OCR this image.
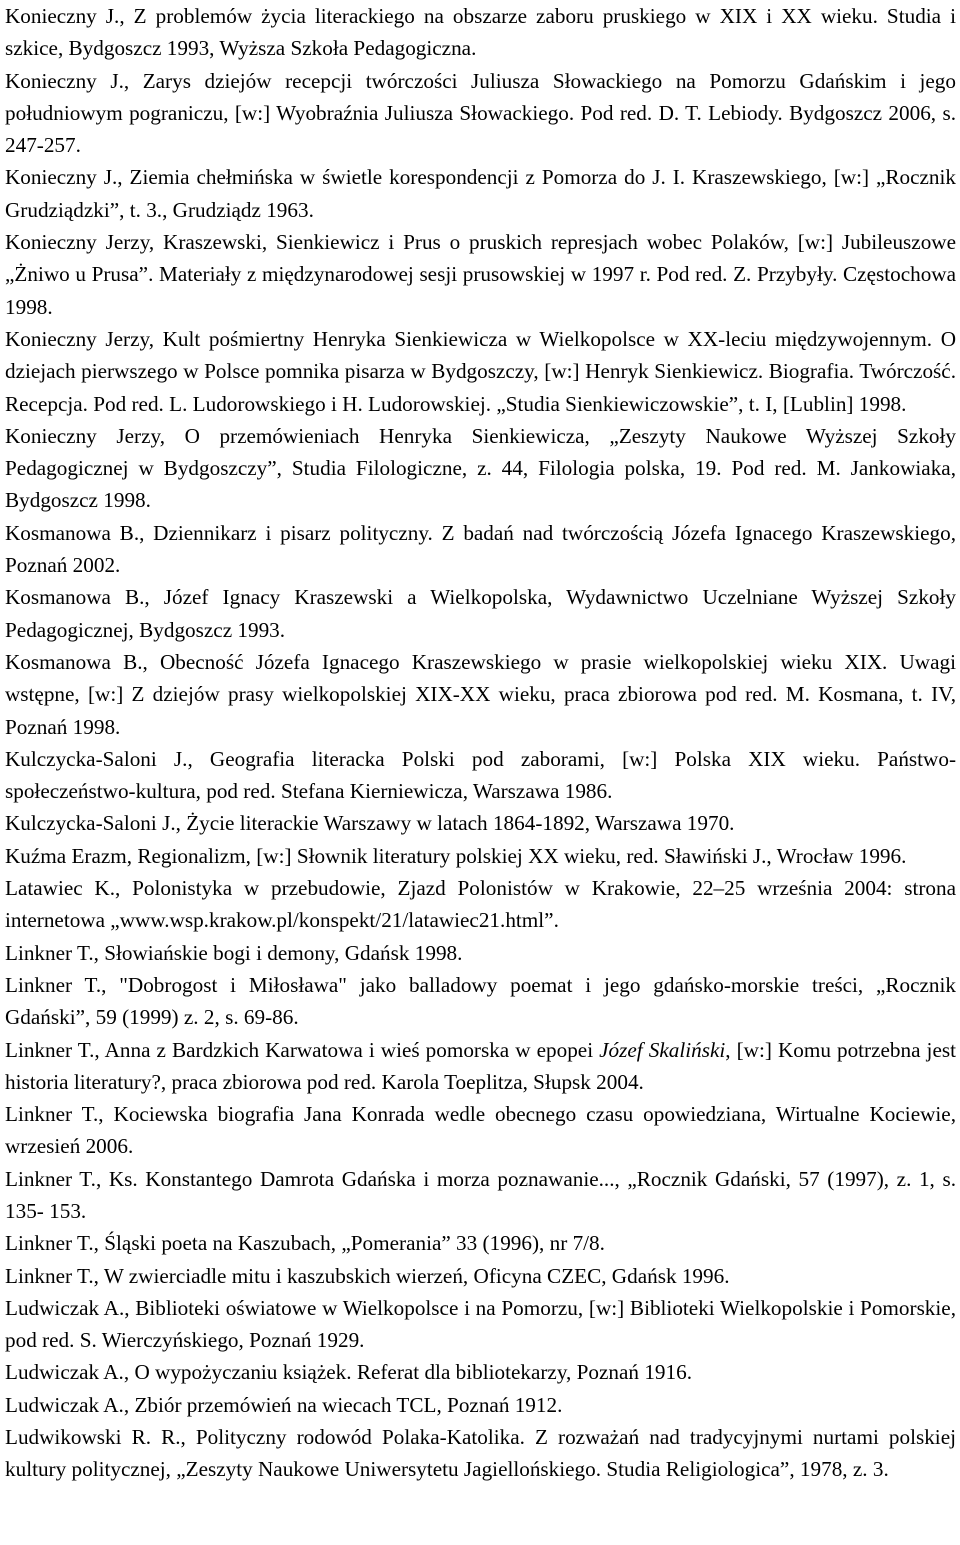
Konieczny J., Z problemów życia literackiego na obszarze zaboru pruskiego w XIX i XX wieku. Studia i szkice, Bydgoszcz 1993, Wyższa Szkoła Pedagogiczna.

Konieczny J., Zarys dziejów recepcji twórczości Juliusza Słowackiego na Pomorzu Gdańskim i jego południowym pograniczu, [w:] Wyobraźnia Juliusza Słowackiego. Pod red. D. T. Lebiody. Bydgoszcz 2006, s. 247-257.

Konieczny J., Ziemia chełmińska w świetle korespondencji z Pomorza do J. I. Kraszewskiego, [w:] „Rocznik Grudziądzki”, t. 3., Grudziądz 1963.

Konieczny Jerzy, Kraszewski, Sienkiewicz i Prus o pruskich represjach wobec Polaków, [w:] Jubileuszowe „Żniwo u Prusa”. Materiały z międzynarodowej sesji prusowskiej w 1997 r. Pod red. Z. Przybyły. Częstochowa 1998.

Konieczny Jerzy, Kult pośmiertny Henryka Sienkiewicza w Wielkopolsce w XX-leciu międzywojennym. O dziejach pierwszego w Polsce pomnika pisarza w Bydgoszczy, [w:] Henryk Sienkiewicz. Biografia. Twórczość. Recepcja. Pod red. L. Ludorowskiego i H. Ludorowskiej. „Studia Sienkiewiczowskie”, t. I, [Lublin] 1998.

Konieczny Jerzy, O przemówieniach Henryka Sienkiewicza, „Zeszyty Naukowe Wyższej Szkoły Pedagogicznej w Bydgoszczy”, Studia Filologiczne, z. 44, Filologia polska, 19. Pod red. M. Jankowiaka, Bydgoszcz 1998.

Kosmanowa B., Dziennikarz i pisarz polityczny. Z badań nad twórczością Józefa Ignacego Kraszewskiego, Poznań 2002.

Kosmanowa B., Józef Ignacy Kraszewski a Wielkopolska, Wydawnictwo Uczelniane Wyższej Szkoły Pedagogicznej, Bydgoszcz 1993.

Kosmanowa B., Obecność Józefa Ignacego Kraszewskiego w prasie wielkopolskiej wieku XIX. Uwagi wstępne, [w:] Z dziejów prasy wielkopolskiej XIX-XX wieku, praca zbiorowa pod red. M. Kosmana, t. IV, Poznań 1998.

Kulczycka-Saloni J., Geografia literacka Polski pod zaborami, [w:] Polska XIX wieku. Państwo-społeczeństwo-kultura, pod red. Stefana Kierniewicza, Warszawa 1986.

Kulczycka-Saloni J., Życie literackie Warszawy w latach 1864-1892, Warszawa 1970.

Kuźma Erazm, Regionalizm, [w:] Słownik literatury polskiej XX wieku, red. Sławiński J., Wrocław 1996.

Latawiec K., Polonistyka w przebudowie, Zjazd Polonistów w Krakowie, 22–25 września 2004: strona internetowa „www.wsp.krakow.pl/konspekt/21/latawiec21.html”.

Linkner T., Słowiańskie bogi i demony, Gdańsk 1998.

Linkner T., "Dobrogost i Miłosława" jako balladowy poemat i jego gdańsko-morskie treści, „Rocznik Gdański”, 59 (1999) z. 2, s. 69-86.

Linkner T., Anna z Bardzkich Karwatowa i wieś pomorska w epopei Józef Skaliński, [w:] Komu potrzebna jest historia literatury?, praca zbiorowa pod red. Karola Toeplitza, Słupsk 2004.

Linkner T., Kociewska biografia Jana Konrada wedle obecnego czasu opowiedziana, Wirtualne Kociewie, wrzesień 2006.

Linkner T., Ks. Konstantego Damrota Gdańska i morza poznawanie..., „Rocznik Gdański, 57 (1997), z. 1, s. 135- 153.

Linkner T., Śląski poeta na Kaszubach, „Pomerania” 33 (1996), nr 7/8.

Linkner T., W zwierciadle mitu i kaszubskich wierzeń, Oficyna CZEC, Gdańsk 1996.

Ludwiczak A., Biblioteki oświatowe w Wielkopolsce i na Pomorzu, [w:] Biblioteki Wielkopolskie i Pomorskie, pod red. S. Wierczyńskiego, Poznań 1929.

Ludwiczak A., O wypożyczaniu książek. Referat dla bibliotekarzy, Poznań 1916.

Ludwiczak A., Zbiór przemówień na wiecach TCL, Poznań 1912.

Ludwikowski R. R., Polityczny rodowód Polaka-Katolika. Z rozważań nad tradycyjnymi nurtami polskiej kultury politycznej, „Zeszyty Naukowe Uniwersytetu Jagiellońskiego. Studia Religiologica”, 1978, z. 3.
